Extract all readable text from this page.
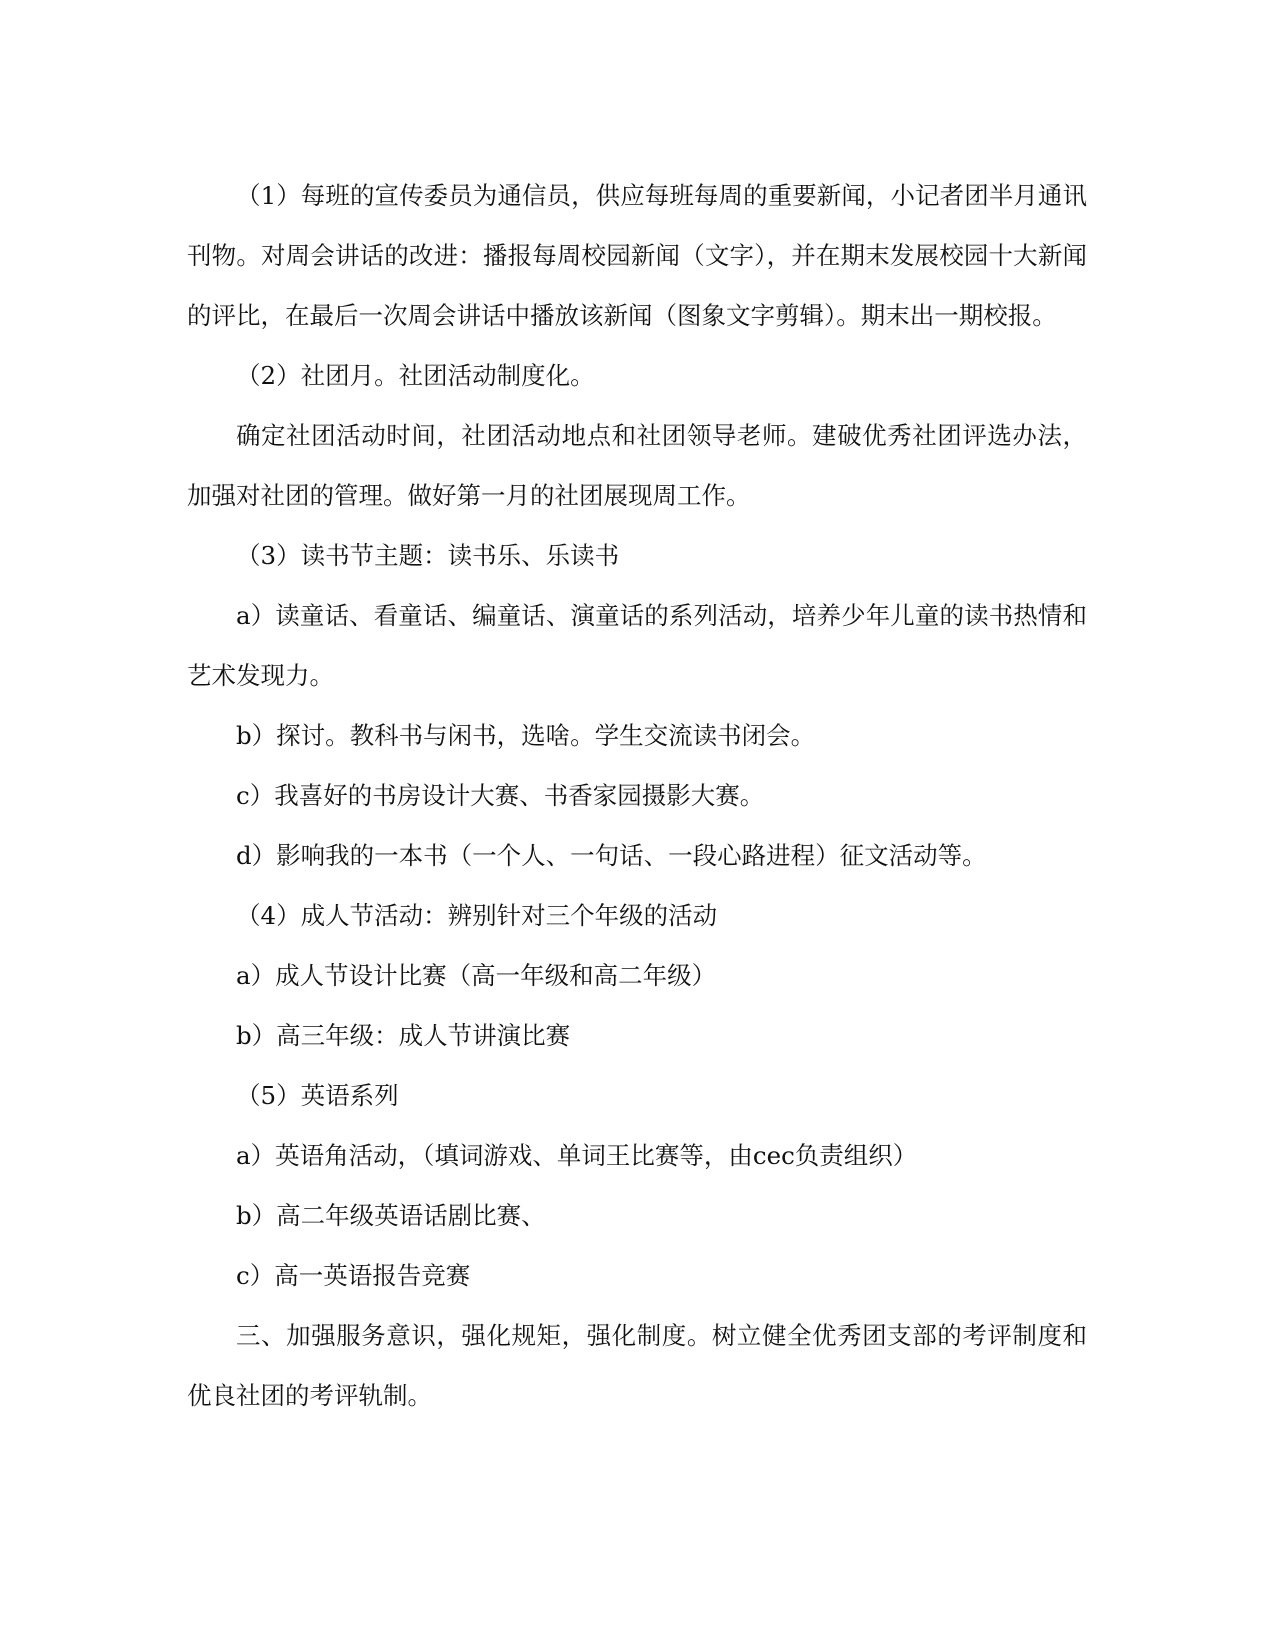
（1）每班的宣传委员为通信员，供应每班每周的重要新闻，小记者团半月通讯刊物。对周会讲话的改进：播报每周校园新闻（文字），并在期末发展校园十大新闻的评比，在最后一次周会讲话中播放该新闻（图象文字剪辑）。期末出一期校报。

（2）社团月。社团活动制度化。

确定社团活动时间，社团活动地点和社团领导老师。建破优秀社团评选办法，加强对社团的管理。做好第一月的社团展现周工作。

（3）读书节主题：读书乐、乐读书

a）读童话、看童话、编童话、演童话的系列活动，培养少年儿童的读书热情和艺术发现力。

b）探讨。教科书与闲书，选啥。学生交流读书闭会。

c）我喜好的书房设计大赛、书香家园摄影大赛。

d）影响我的一本书（一个人、一句话、一段心路进程）征文活动等。

（4）成人节活动：辨别针对三个年级的活动

a）成人节设计比赛（高一年级和高二年级）

b）高三年级：成人节讲演比赛

（5）英语系列

a）英语角活动，（填词游戏、单词王比赛等，由cec负责组织）

b）高二年级英语话剧比赛、

c）高一英语报告竞赛

三、加强服务意识，强化规矩，强化制度。树立健全优秀团支部的考评制度和优良社团的考评轨制。
